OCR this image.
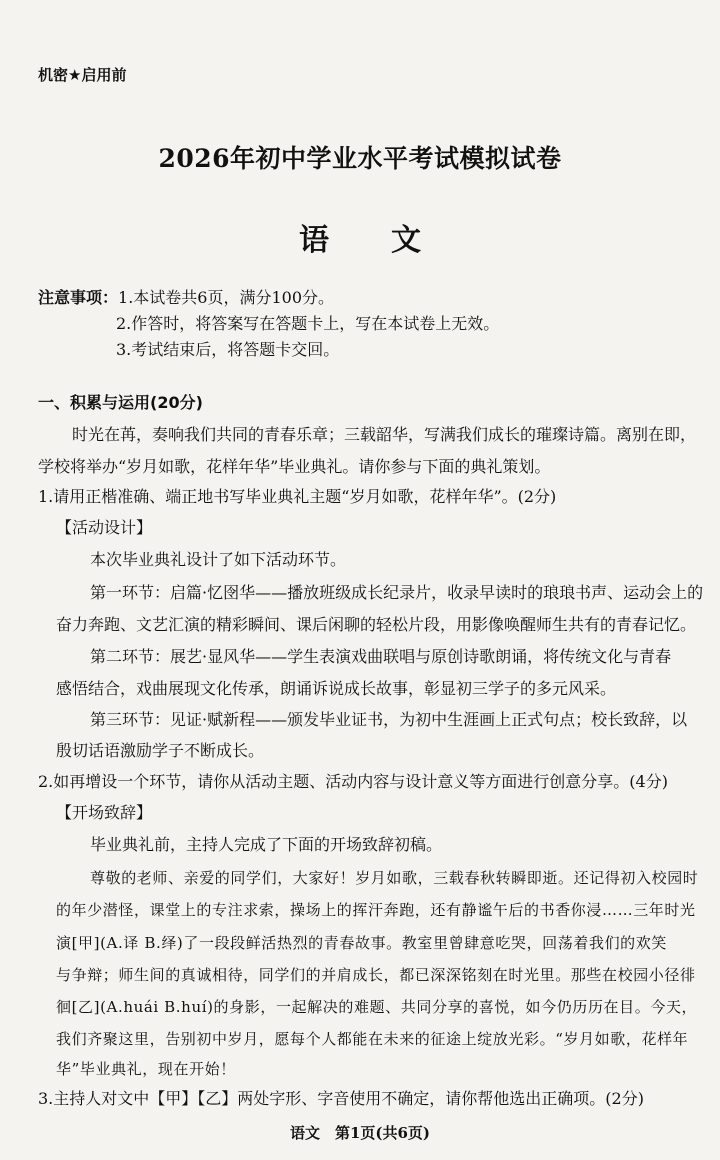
机密★启用前
2026年初中学业水平考试模拟试卷
语 文
注意事项：1.本试卷共6页，满分100分。
2.作答时，将答案写在答题卡上，写在本试卷上无效。
3.考试结束后，将答题卡交回。
一、积累与运用(20分)
时光在苒，奏响我们共同的青春乐章；三载韶华，写满我们成长的璀璨诗篇。离别在即，
学校将举办“岁月如歌，花样年华”毕业典礼。请你参与下面的典礼策划。
1.请用正楷准确、端正地书写毕业典礼主题“岁月如歌，花样年华”。(2分)
【活动设计】
本次毕业典礼设计了如下活动环节。
第一环节：启篇·忆囹华——播放班级成长纪录片，收录早读时的琅琅书声、运动会上的
奋力奔跑、文艺汇演的精彩瞬间、课后闲聊的轻松片段，用影像唤醒师生共有的青春记忆。
第二环节：展艺·显风华——学生表演戏曲联唱与原创诗歌朗诵，将传统文化与青春
感悟结合，戏曲展现文化传承，朗诵诉说成长故事，彰显初三学子的多元风采。
第三环节：见证·赋新程——颁发毕业证书，为初中生涯画上正式句点；校长致辞，以
殷切话语激励学子不断成长。
2.如再增设一个环节，请你从活动主题、活动内容与设计意义等方面进行创意分享。(4分)
【开场致辞】
毕业典礼前，主持人完成了下面的开场致辞初稿。
尊敬的老师、亲爱的同学们，大家好！岁月如歌，三载春秋转瞬即逝。还记得初入校园时
的年少潜怪，课堂上的专注求索，操场上的挥汗奔跑，还有静谧午后的书香你浸……三年时光
演[甲](A.译 B.绎)了一段段鲜活热烈的青春故事。教室里曾肆意吃哭，回荡着我们的欢笑
与争辩；师生间的真诚相待，同学们的并肩成长，都已深深铭刻在时光里。那些在校园小径徘
徊[乙](A.huái B.huí)的身影，一起解决的难题、共同分享的喜悦，如今仍历历在目。今天，
我们齐聚这里，告别初中岁月，愿每个人都能在未来的征途上绽放光彩。“岁月如歌，花样年
华”毕业典礼，现在开始！
3.主持人对文中【甲】【乙】两处字形、字音使用不确定，请你帮他选出正确项。(2分)
语文　第1页(共6页)
